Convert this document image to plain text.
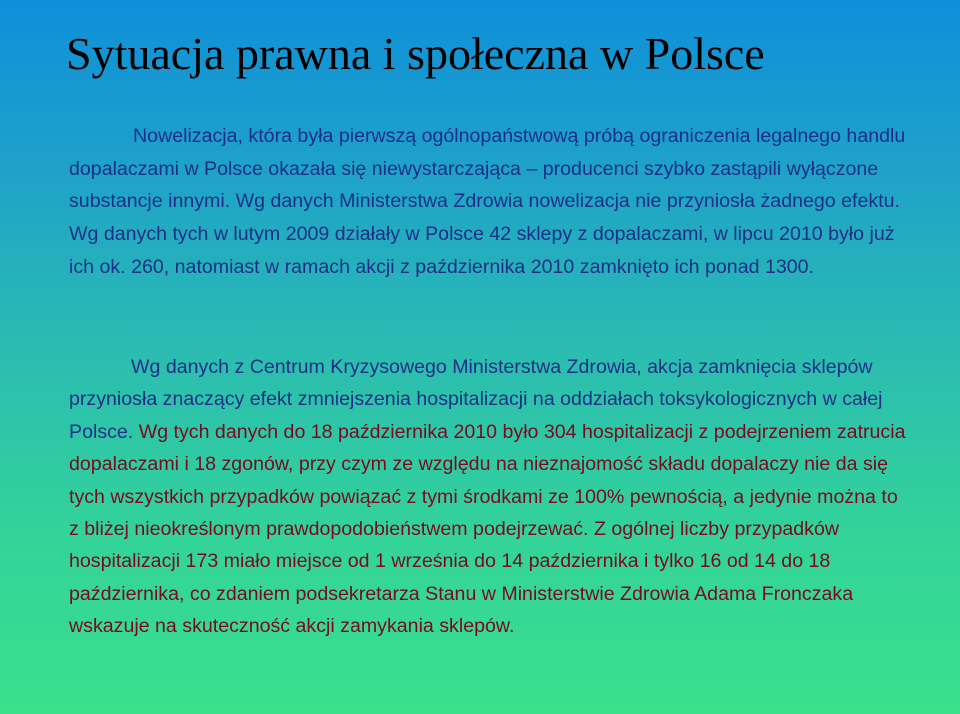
Sytuacja prawna i społeczna w Polsce

Nowelizacja, która była pierwszą ogólnopaństwową próbą ograniczenia legalnego handlu dopalaczami w Polsce okazała się niewystarczająca – producenci szybko zastąpili wyłączone substancje innymi. Wg danych Ministerstwa Zdrowia nowelizacja nie przyniosła żadnego efektu. Wg danych tych w lutym 2009 działały w Polsce 42 sklepy z dopalaczami, w lipcu 2010 było już ich ok. 260, natomiast w ramach akcji z października 2010 zamknięto ich ponad 1300.

Wg danych z Centrum Kryzysowego Ministerstwa Zdrowia, akcja zamknięcia sklepów przyniosła znaczący efekt zmniejszenia hospitalizacji na oddziałach toksykologicznych w całej Polsce. Wg tych danych do 18 października 2010 było 304 hospitalizacji z podejrzeniem zatrucia dopalaczami i 18 zgonów, przy czym ze względu na nieznajomość składu dopalaczy nie da się tych wszystkich przypadków powiązać z tymi środkami ze 100% pewnością, a jedynie można to z bliżej nieokreślonym prawdopodobieństwem podejrzewać. Z ogólnej liczby przypadków hospitalizacji 173 miało miejsce od 1 września do 14 października i tylko 16 od 14 do 18 października, co zdaniem podsekretarza Stanu w Ministerstwie Zdrowia Adama Fronczaka wskazuje na skuteczność akcji zamykania sklepów.
